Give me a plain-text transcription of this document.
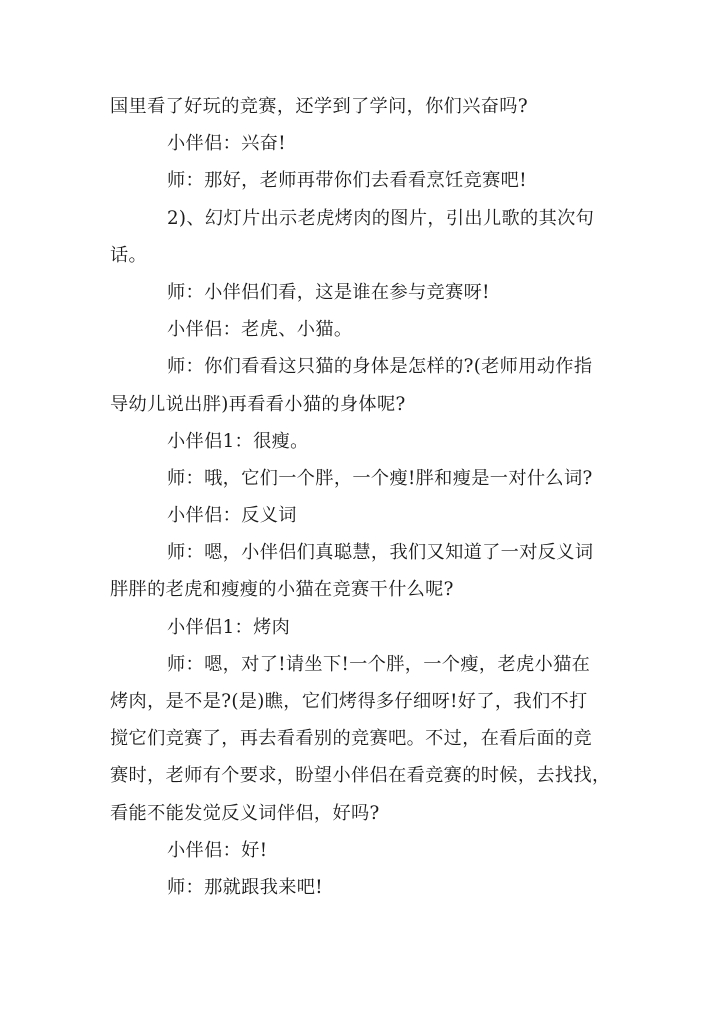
国里看了好玩的竞赛，还学到了学问，你们兴奋吗?
小伴侣：兴奋!
师：那好，老师再带你们去看看烹饪竞赛吧!
2)、幻灯片出示老虎烤肉的图片，引出儿歌的其次句
话。
师：小伴侣们看，这是谁在参与竞赛呀!
小伴侣：老虎、小猫。
师：你们看看这只猫的身体是怎样的?(老师用动作指
导幼儿说出胖)再看看小猫的身体呢?
小伴侣1：很瘦。
师：哦，它们一个胖，一个瘦!胖和瘦是一对什么词?
小伴侣：反义词
师：嗯，小伴侣们真聪慧，我们又知道了一对反义词
胖胖的老虎和瘦瘦的小猫在竞赛干什么呢?
小伴侣1：烤肉
师：嗯，对了!请坐下!一个胖，一个瘦，老虎小猫在
烤肉，是不是?(是)瞧，它们烤得多仔细呀!好了，我们不打
搅它们竞赛了，再去看看别的竞赛吧。不过，在看后面的竞
赛时，老师有个要求，盼望小伴侣在看竞赛的时候，去找找，
看能不能发觉反义词伴侣，好吗?
小伴侣：好!
师：那就跟我来吧!
